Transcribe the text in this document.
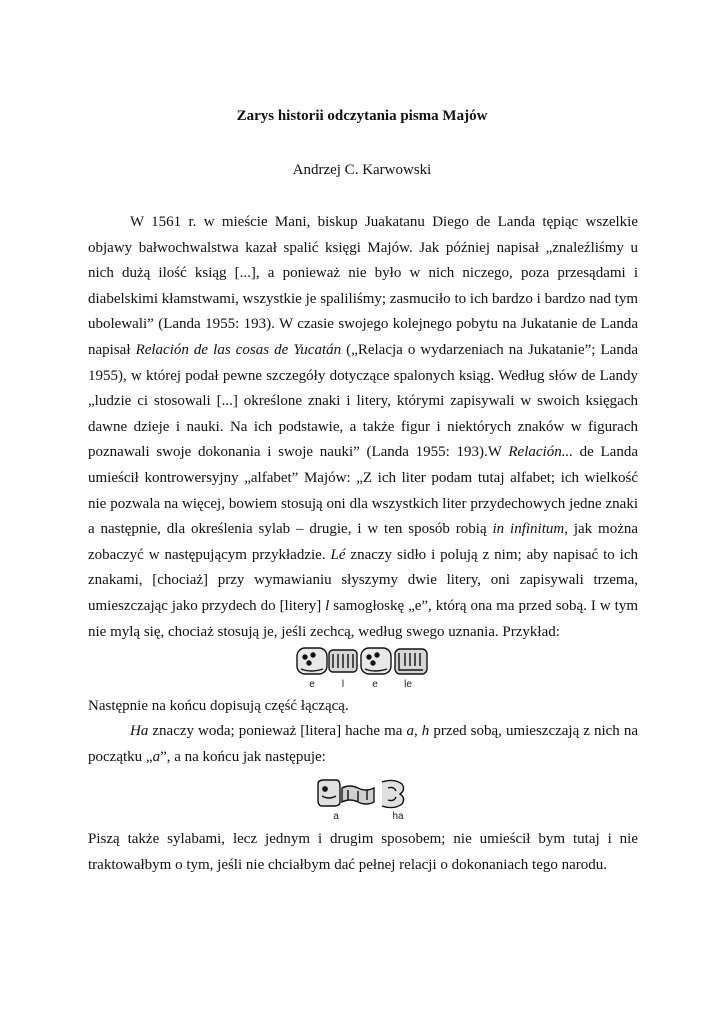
Zarys historii odczytania pisma Majów
Andrzej C. Karwowski

W 1561 r. w mieście Mani, biskup Juakatanu Diego de Landa tępiąc wszelkie objawy bałwochwalstwa kazał spalić księgi Majów. Jak później napisał „znaleźliśmy u nich dużą ilość ksiąg [...], a ponieważ nie było w nich niczego, poza przesądami i diabelskimi kłamstwami, wszystkie je spaliliśmy; zasmuciło to ich bardzo i bardzo nad tym ubolewali” (Landa 1955: 193). W czasie swojego kolejnego pobytu na Jukatanie de Landa napisał Relación de las cosas de Yucatán („Relacja o wydarzeniach na Jukatanie”; Landa 1955), w której podał pewne szczegóły dotyczące spalonych ksiąg. Według słów de Landy „ludzie ci stosowali [...] określone znaki i litery, którymi zapisywali w swoich księgach dawne dzieje i nauki. Na ich podstawie, a także figur i niektórych znaków w figurach poznawali swoje dokonania i swoje nauki” (Landa 1955: 193).W Relación... de Landa umieścił kontrowersyjny „alfabet” Majów: „Z ich liter podam tutaj alfabet; ich wielkość nie pozwala na więcej, bowiem stosują oni dla wszystkich liter przydechowych jedne znaki a następnie, dla określenia sylab – drugie, i w ten sposób robią in infinitum, jak można zobaczyć w następującym przykładzie. Lé znaczy sidło i polują z nim; aby napisać to ich znakami, [chociaż] przy wymawianiu słyszymy dwie litery, oni zapisywali trzema, umieszczając jako przydech do [litery] l samogłoskę „e”, którą ona ma przed sobą. I w tym nie mylą się, chociaż stosują je, jeśli zechcą, według swego uznania. Przykład:

e	l	e	le

Następnie na końcu dopisują część łączącą.

Ha znaczy woda; ponieważ [litera] hache ma a, h przed sobą, umieszczają z nich na początku „a”, a na końcu jak następuje:

a	ha

Piszą także sylabami, lecz jednym i drugim sposobem; nie umieścił bym tutaj i nie traktowałbym o tym, jeśli nie chciałbym dać pełnej relacji o dokonaniach tego narodu.
